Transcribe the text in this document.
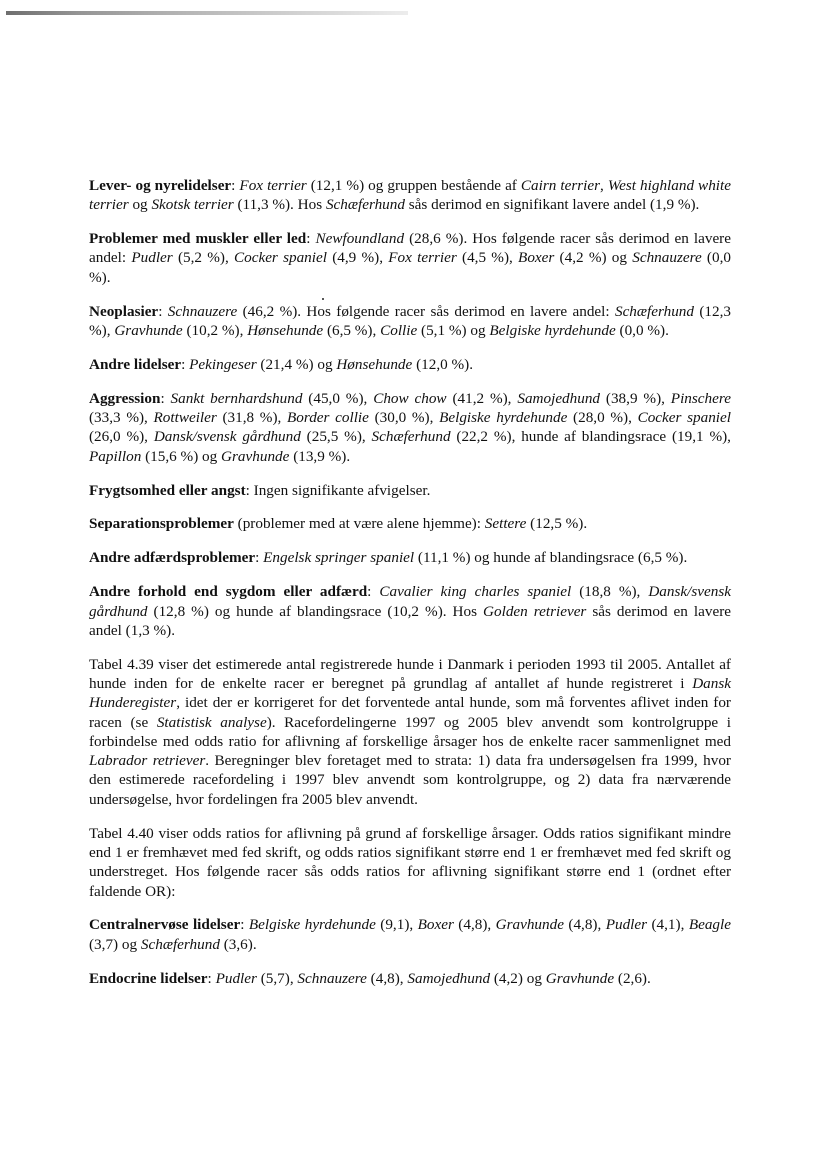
Lever- og nyrelidelser: Fox terrier (12,1 %) og gruppen bestående af Cairn terrier, West highland white terrier og Skotsk terrier (11,3 %). Hos Schæferhund sås derimod en signifikant lavere andel (1,9 %).

Problemer med muskler eller led: Newfoundland (28,6 %). Hos følgende racer sås derimod en lavere andel: Pudler (5,2 %), Cocker spaniel (4,9 %), Fox terrier (4,5 %), Boxer (4,2 %) og Schnauzere (0,0 %).

Neoplasier: Schnauzere (46,2 %). Hos følgende racer sås derimod en lavere andel: Schæferhund (12,3 %), Gravhunde (10,2 %), Hønsehunde (6,5 %), Collie (5,1 %) og Belgiske hyrdehunde (0,0 %).

Andre lidelser: Pekingeser (21,4 %) og Hønsehunde (12,0 %).

Aggression: Sankt bernhardshund (45,0 %), Chow chow (41,2 %), Samojedhund (38,9 %), Pinschere (33,3 %), Rottweiler (31,8 %), Border collie (30,0 %), Belgiske hyrdehunde (28,0 %), Cocker spaniel (26,0 %), Dansk/svensk gårdhund (25,5 %), Schæferhund (22,2 %), hunde af blandingsrace (19,1 %), Papillon (15,6 %) og Gravhunde (13,9 %).

Frygtsomhed eller angst: Ingen signifikante afvigelser.

Separationsproblemer (problemer med at være alene hjemme): Settere (12,5 %).

Andre adfærdsproblemer: Engelsk springer spaniel (11,1 %) og hunde af blandingsrace (6,5 %).

Andre forhold end sygdom eller adfærd: Cavalier king charles spaniel (18,8 %), Dansk/svensk gårdhund (12,8 %) og hunde af blandingsrace (10,2 %). Hos Golden retriever sås derimod en lavere andel (1,3 %).

Tabel 4.39 viser det estimerede antal registrerede hunde i Danmark i perioden 1993 til 2005. Antallet af hunde inden for de enkelte racer er beregnet på grundlag af antallet af hunde registreret i Dansk Hunderegister, idet der er korrigeret for det forventede antal hunde, som må forventes aflivet inden for racen (se Statistisk analyse). Racefordelingerne 1997 og 2005 blev anvendt som kontrolgruppe i forbindelse med odds ratio for aflivning af forskellige årsager hos de enkelte racer sammenlignet med Labrador retriever. Beregninger blev foretaget med to strata: 1) data fra undersøgelsen fra 1999, hvor den estimerede racefordeling i 1997 blev anvendt som kontrolgruppe, og 2) data fra nærværende undersøgelse, hvor fordelingen fra 2005 blev anvendt.

Tabel 4.40 viser odds ratios for aflivning på grund af forskellige årsager. Odds ratios signifikant mindre end 1 er fremhævet med fed skrift, og odds ratios signifikant større end 1 er fremhævet med fed skrift og understreget. Hos følgende racer sås odds ratios for aflivning signifikant større end 1 (ordnet efter faldende OR):

Centralnervøse lidelser: Belgiske hyrdehunde (9,1), Boxer (4,8), Gravhunde (4,8), Pudler (4,1), Beagle (3,7) og Schæferhund (3,6).

Endocrine lidelser: Pudler (5,7), Schnauzere (4,8), Samojedhund (4,2) og Gravhunde (2,6).
